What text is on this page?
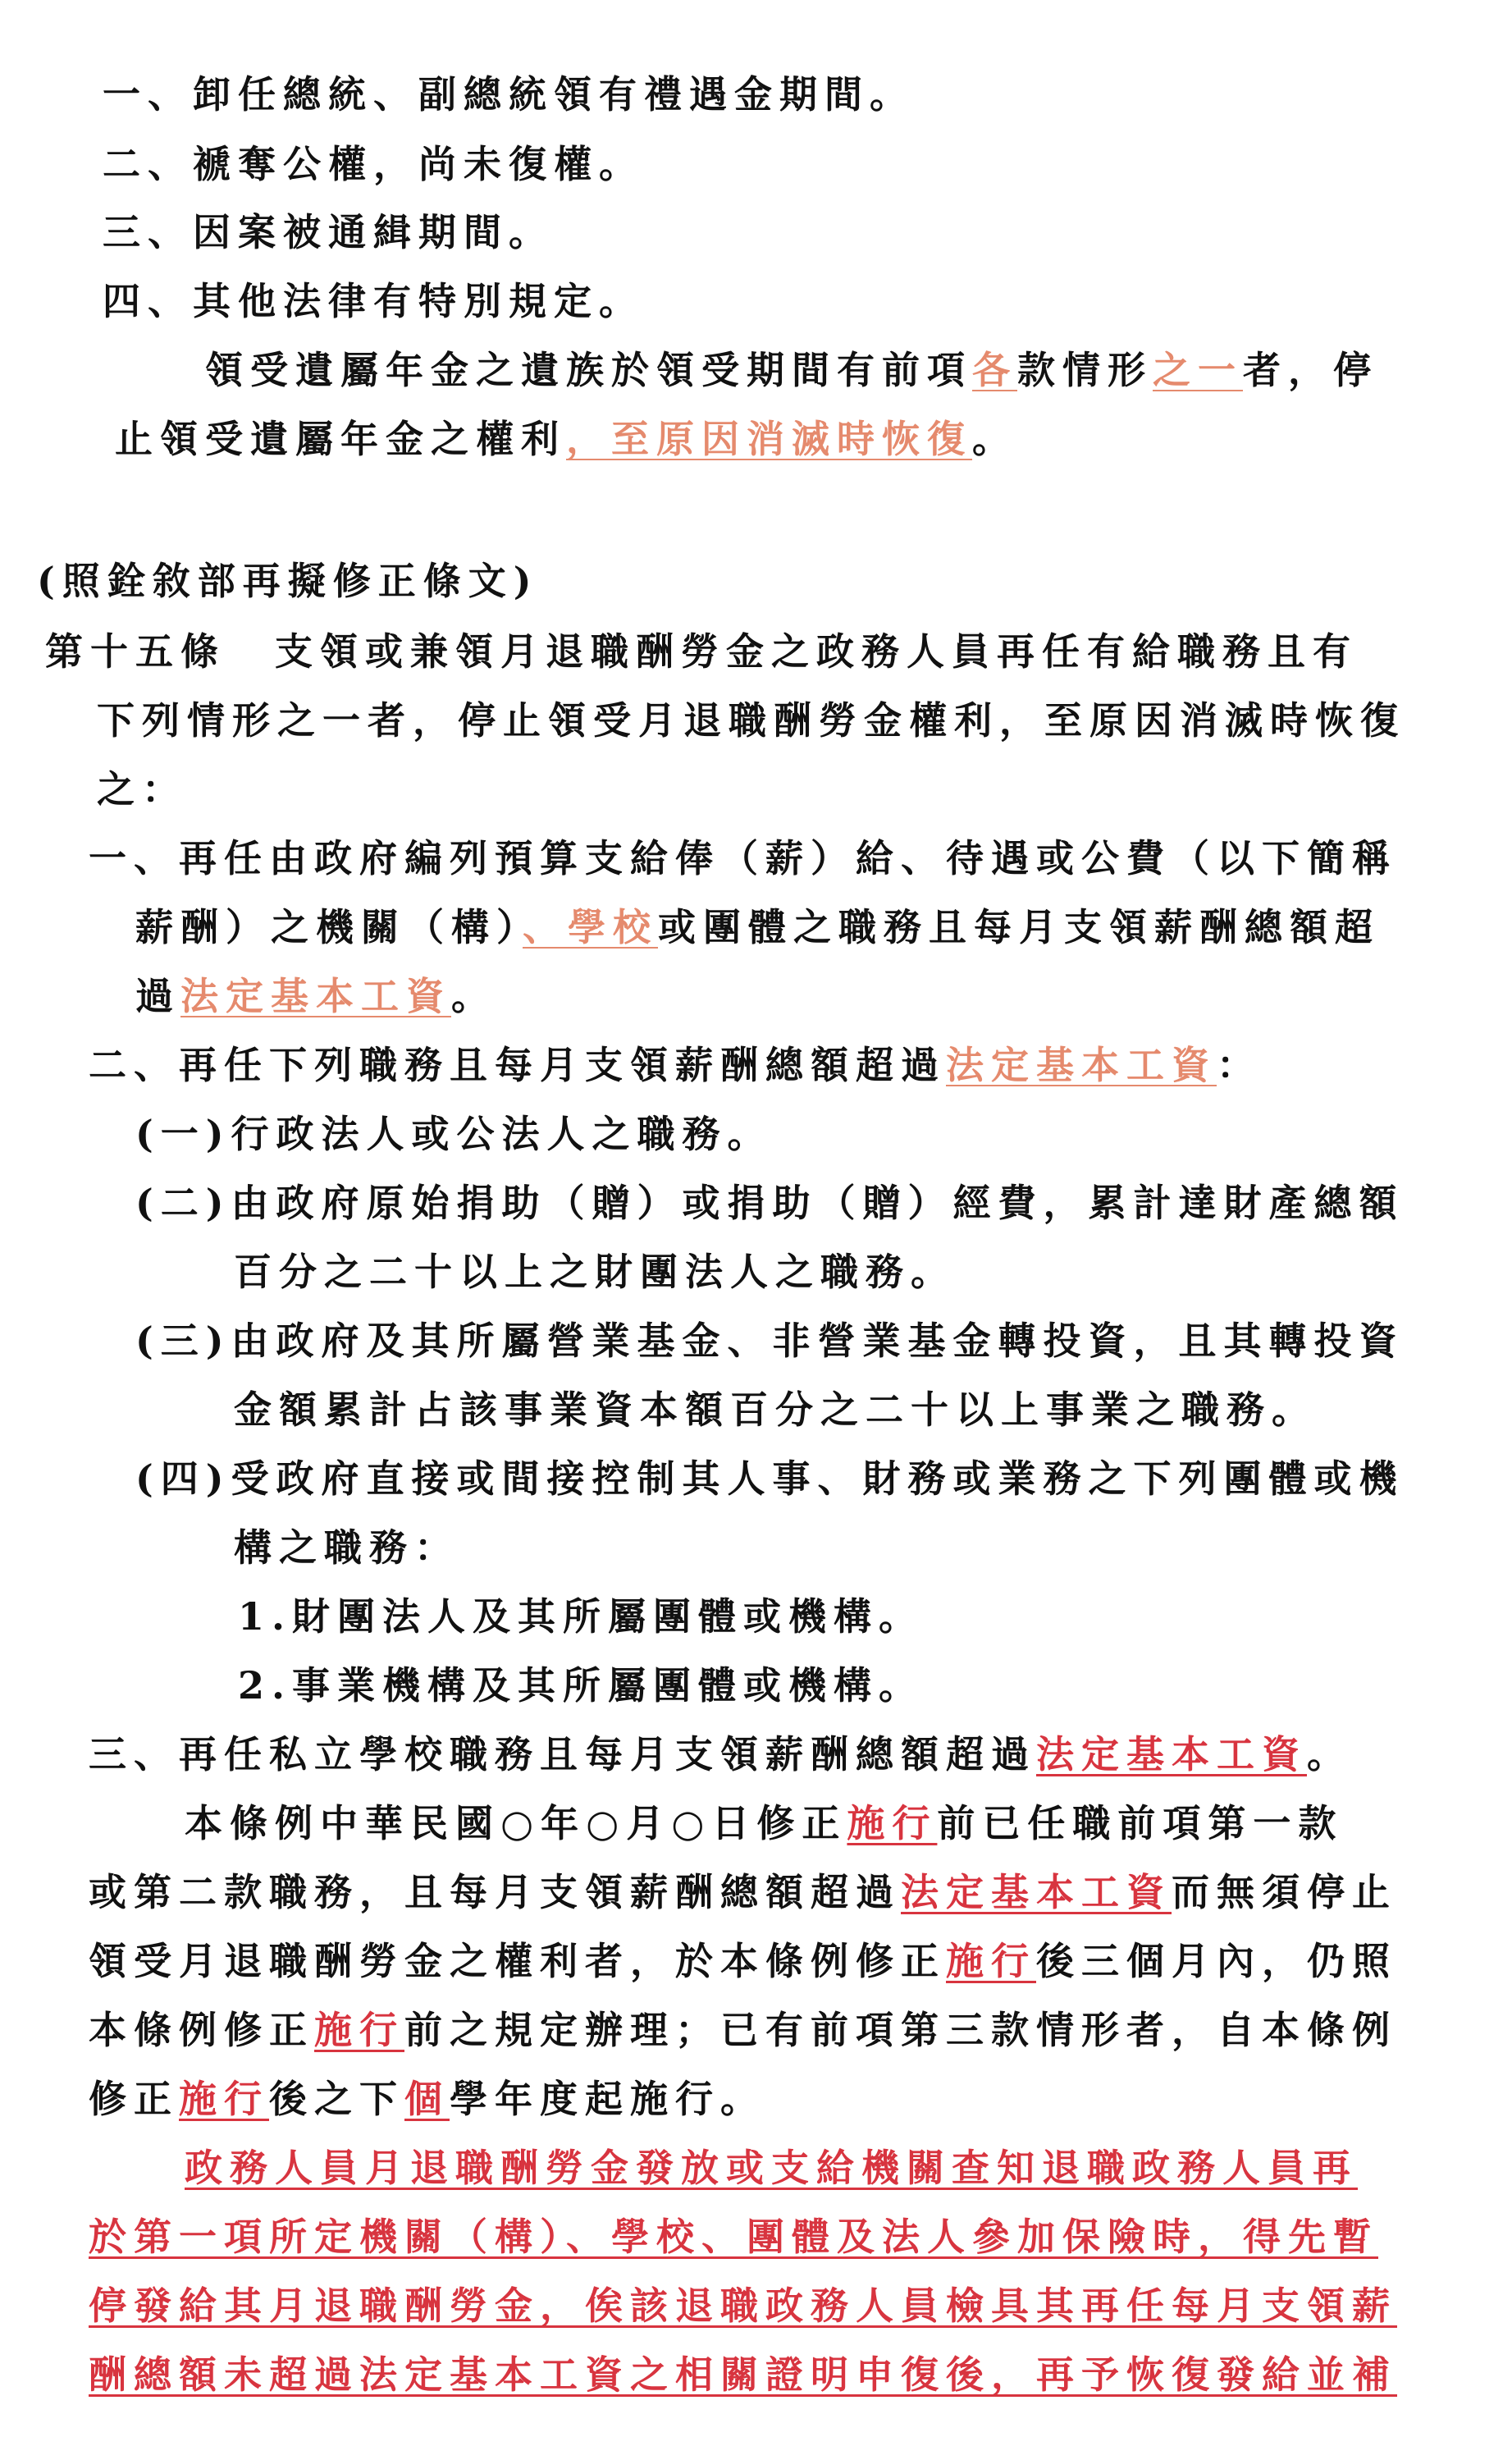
一、卸任總統、副總統領有禮遇金期間。
二、褫奪公權，尚未復權。
三、因案被通緝期間。
四、其他法律有特別規定。
領受遺屬年金之遺族於領受期間有前項各款情形之一者，停
止領受遺屬年金之權利，至原因消滅時恢復。
(照銓敘部再擬修正條文)
第十五條 支領或兼領月退職酬勞金之政務人員再任有給職務且有
下列情形之一者，停止領受月退職酬勞金權利，至原因消滅時恢復
之：
一、再任由政府編列預算支給俸（薪）給、待遇或公費（以下簡稱
薪酬）之機關（構）、學校或團體之職務且每月支領薪酬總額超
過法定基本工資。
二、再任下列職務且每月支領薪酬總額超過法定基本工資：
(一)行政法人或公法人之職務。
(二)由政府原始捐助（贈）或捐助（贈）經費，累計達財產總額
百分之二十以上之財團法人之職務。
(三)由政府及其所屬營業基金、非營業基金轉投資，且其轉投資
金額累計占該事業資本額百分之二十以上事業之職務。
(四)受政府直接或間接控制其人事、財務或業務之下列團體或機
構之職務：
1.財團法人及其所屬團體或機構。
2.事業機構及其所屬團體或機構。
三、再任私立學校職務且每月支領薪酬總額超過法定基本工資。
本條例中華民國○年○月○日修正施行前已任職前項第一款
或第二款職務，且每月支領薪酬總額超過法定基本工資而無須停止
領受月退職酬勞金之權利者，於本條例修正施行後三個月內，仍照
本條例修正施行前之規定辦理；已有前項第三款情形者，自本條例
修正施行後之下個學年度起施行。
政務人員月退職酬勞金發放或支給機關查知退職政務人員再
於第一項所定機關（構）、學校、團體及法人參加保險時，得先暫
停發給其月退職酬勞金，俟該退職政務人員檢具其再任每月支領薪
酬總額未超過法定基本工資之相關證明申復後，再予恢復發給並補
